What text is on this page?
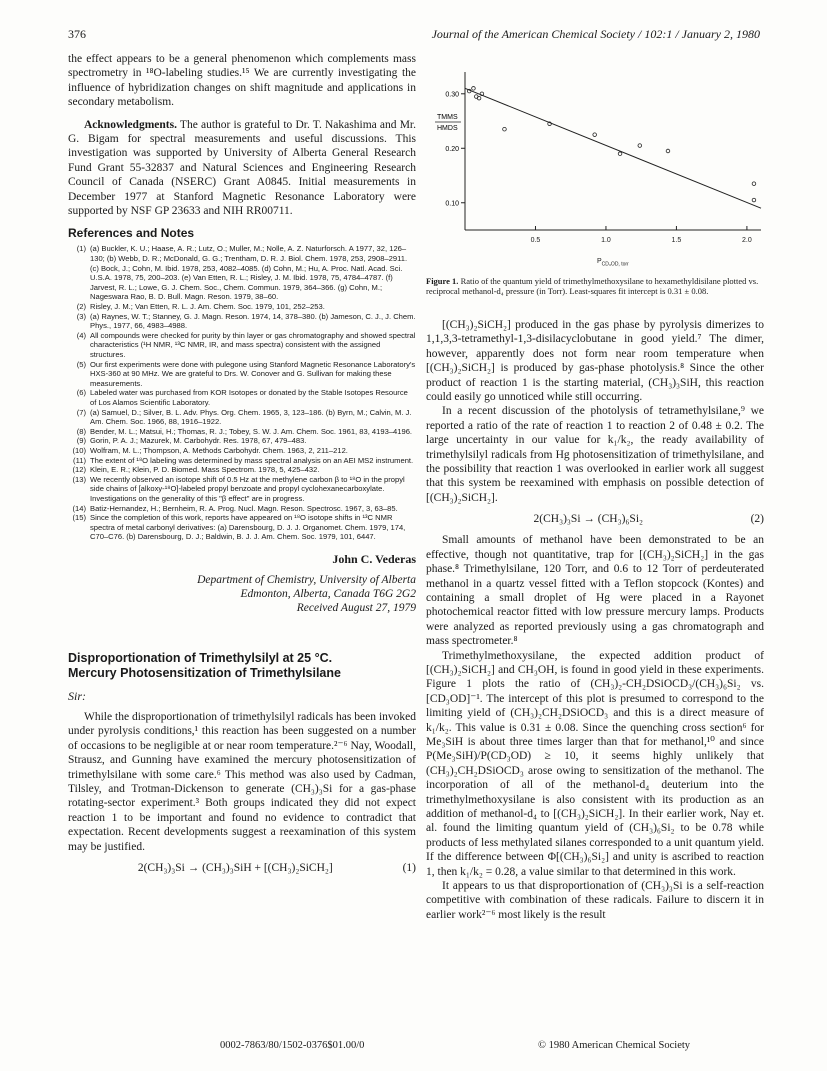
376	Journal of the American Chemical Society / 102:1 / January 2, 1980

the effect appears to be a general phenomenon which complements mass spectrometry in ¹⁸O-labeling studies.¹⁵ We are currently investigating the influence of hybridization changes on shift magnitude and applications in secondary metabolism.

Acknowledgments. The author is grateful to Dr. T. Nakashima and Mr. G. Bigam for spectral measurements and useful discussions. This investigation was supported by University of Alberta General Research Fund Grant 55-32837 and Natural Sciences and Engineering Research Council of Canada (NSERC) Grant A0845. Initial measurements in December 1977 at Stanford Magnetic Resonance Laboratory were supported by NSF GP 23633 and NIH RR00711.

References and Notes
(1) (a) Buckler, K. U.; Haase, A. R.; Lutz, O.; Muller, M.; Nolle, A. Z. Naturforsch. A 1977, 32, 126–130; (b) Webb, D. R.; McDonald, G. G.; Trentham, D. R. J. Biol. Chem. 1978, 253, 2908–2911. (c) Bock, J.; Cohn, M. Ibid. 1978, 253, 4082–4085. (d) Cohn, M.; Hu, A. Proc. Natl. Acad. Sci. U.S.A. 1978, 75, 200–203. (e) Van Etten, R. L.; Risley, J. M. Ibid. 1978, 75, 4784–4787. (f) Jarvest, R. L.; Lowe, G. J. Chem. Soc., Chem. Commun. 1979, 364–366. (g) Cohn, M.; Nageswara Rao, B. D. Bull. Magn. Reson. 1979, 38–60.
(2) Risley, J. M.; Van Etten, R. L. J. Am. Chem. Soc. 1979, 101, 252–253.
(3) (a) Raynes, W. T.; Stanney, G. J. Magn. Reson. 1974, 14, 378–380. (b) Jameson, C. J., J. Chem. Phys., 1977, 66, 4983–4988.
(4) All compounds were checked for purity by thin layer or gas chromatography and showed spectral characteristics (¹H NMR, ¹³C NMR, IR, and mass spectra) consistent with the assigned structures.
(5) Our first experiments were done with pulegone using Stanford Magnetic Resonance Laboratory's HXS-360 at 90 MHz. We are grateful to Drs. W. Conover and G. Sullivan for making these measurements.
(6) Labeled water was purchased from KOR Isotopes or donated by the Stable Isotopes Resource of Los Alamos Scientific Laboratory.
(7) (a) Samuel, D.; Silver, B. L. Adv. Phys. Org. Chem. 1965, 3, 123–186. (b) Byrn, M.; Calvin, M. J. Am. Chem. Soc. 1966, 88, 1916–1922.
(8) Bender, M. L.; Matsui, H.; Thomas, R. J.; Tobey, S. W. J. Am. Chem. Soc. 1961, 83, 4193–4196.
(9) Gorin, P. A. J.; Mazurek, M. Carbohydr. Res. 1978, 67, 479–483.
(10) Wolfram, M. L.; Thompson, A. Methods Carbohydr. Chem. 1963, 2, 211–212.
(11) The extent of ¹⁸O labeling was determined by mass spectral analysis on an AEI MS2 instrument.
(12) Klein, E. R.; Klein, P. D. Biomed. Mass Spectrom. 1978, 5, 425–432.
(13) We recently observed an isotope shift of 0.5 Hz at the methylene carbon β to ¹⁸O in the propyl side chains of [alkoxy-¹⁸O]-labeled propyl benzoate and propyl cyclohexanecarboxylate. Investigations on the generality of this "β effect" are in progress.
(14) Batiz-Hernandez, H.; Bernheim, R. A. Prog. Nucl. Magn. Reson. Spectrosc. 1967, 3, 63–85.
(15) Since the completion of this work, reports have appeared on ¹⁸O isotope shifts in ¹³C NMR spectra of metal carbonyl derivatives: (a) Darensbourg, D. J. J. Organomet. Chem. 1979, 174, C70–C76. (b) Darensbourg, D. J.; Baldwin, B. J. J. Am. Chem. Soc. 1979, 101, 6447.
John C. Vederas
Department of Chemistry, University of Alberta
Edmonton, Alberta, Canada T6G 2G2
Received August 27, 1979
Disproportionation of Trimethylsilyl at 25 °C.
Mercury Photosensitization of Trimethylsilane
Sir:

While the disproportionation of trimethylsilyl radicals has been invoked under pyrolysis conditions,¹ this reaction has been suggested on a number of occasions to be negligible at or near room temperature.²⁻⁶ Nay, Woodall, Strausz, and Gunning have examined the mercury photosensitization of trimethylsilane with some care.⁶ This method was also used by Cadman, Tilsley, and Trotman-Dickenson to generate (CH₃)₃Si for a gas-phase rotating-sector experiment.³ Both groups indicated they did not expect reaction 1 to be important and found no evidence to contradict that expectation. Recent developments suggest a reexamination of this system may be justified.

2(CH₃)₃Si → (CH₃)₃SiH + [(CH₃)₂SiCH₂]	(1)
0.10
0.20
0.30
TMMS
HMDS
$P_{CD_3OD, torr}$
Figure 1. Ratio of the quantum yield of trimethylmethoxysilane to hexamethyldisilane plotted vs. reciprocal methanol-d₄ pressure (in Torr). Least-squares fit intercept is 0.31 ± 0.08.

[(CH₃)₂SiCH₂] produced in the gas phase by pyrolysis dimerizes to 1,1,3,3-tetramethyl-1,3-disilacyclobutane in good yield.⁷ The dimer, however, apparently does not form near room temperature when [(CH₃)₂SiCH₂] is produced by gas-phase photolysis.⁸ Since the other product of reaction 1 is the starting material, (CH₃)₃SiH, this reaction could easily go unnoticed while still occurring.

In a recent discussion of the photolysis of tetramethylsilane,⁹ we reported a ratio of the rate of reaction 1 to reaction 2 of 0.48 ± 0.2. The large uncertainty in our value for k₁/k₂, the ready availability of trimethylsilyl radicals from Hg photosensitization of trimethylsilane, and the possibility that reaction 1 was overlooked in earlier work all suggest that this system be reexamined with emphasis on possible detection of [(CH₃)₂SiCH₂].

2(CH₃)₃Si → (CH₃)₆Si₂	(2)

Small amounts of methanol have been demonstrated to be an effective, though not quantitative, trap for [(CH₃)₂SiCH₂] in the gas phase.⁸ Trimethylsilane, 120 Torr, and 0.6 to 12 Torr of perdeuterated methanol in a quartz vessel fitted with a Teflon stopcock (Kontes) and containing a small droplet of Hg were placed in a Rayonet photochemical reactor fitted with low pressure mercury lamps. Products were analyzed as reported previously using a gas chromatograph and mass spectrometer.⁸

Trimethylmethoxysilane, the expected addition product of [(CH₃)₂SiCH₂] and CH₃OH, is found in good yield in these experiments. Figure 1 plots the ratio of (CH₃)₂-CH₂DSiOCD₃/(CH₃)₆Si₂ vs. [CD₃OD]⁻¹. The intercept of this plot is presumed to correspond to the limiting yield of (CH₃)₂CH₂DSiOCD₃ and this is a direct measure of k₁/k₂. This value is 0.31 ± 0.08. Since the quenching cross section⁶ for Me₃SiH is about three times larger than that for methanol,¹⁰ and since P(Me₃SiH)/P(CD₃OD) ≥ 10, it seems highly unlikely that (CH₃)₂CH₂DSiOCD₃ arose owing to sensitization of the methanol. The incorporation of all of the methanol-d₄ deuterium into the trimethylmethoxysilane is also consistent with its production as an addition of methanol-d₄ to [(CH₃)₂SiCH₂]. In their earlier work, Nay et. al. found the limiting quantum yield of (CH₃)₆Si₂ to be 0.78 while products of less methylated silanes corresponded to a unit quantum yield. If the difference between Φ[(CH₃)₆Si₂] and unity is ascribed to reaction 1, then k₁/k₂ = 0.28, a value similar to that determined in this work.

It appears to us that disproportionation of (CH₃)₃Si is a self-reaction competitive with combination of these radicals. Failure to discern it in earlier work²⁻⁶ most likely is the result

0002-7863/80/1502-0376$01.00/0	© 1980 American Chemical Society
0.5	1.0	1.5	2.0
